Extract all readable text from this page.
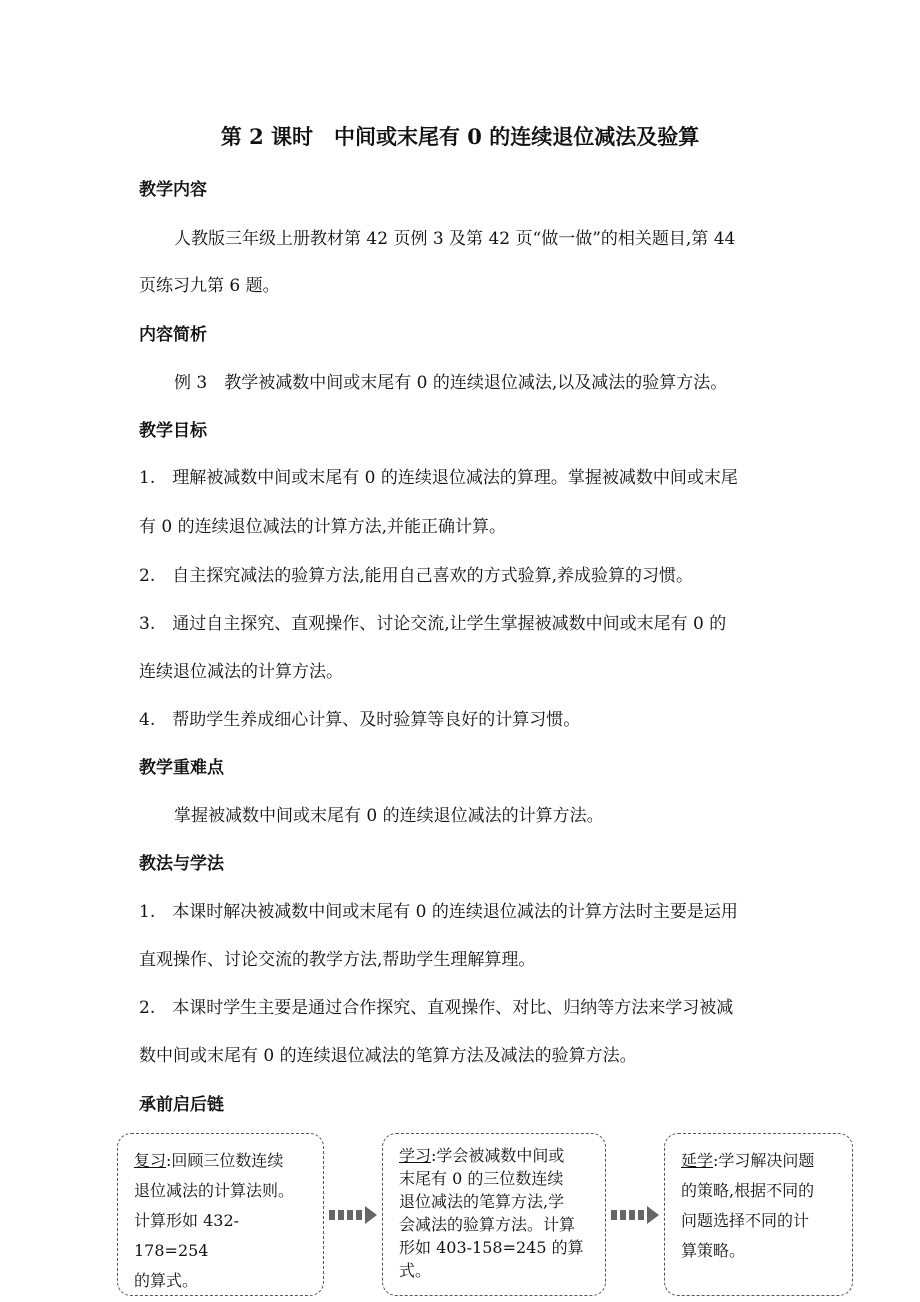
第 2 课时　中间或末尾有 0 的连续退位减法及验算
教学内容
人教版三年级上册教材第 42 页例 3 及第 42 页“做一做”的相关题目,第 44
页练习九第 6 题。
内容简析
例 3　教学被减数中间或末尾有 0 的连续退位减法,以及减法的验算方法。
教学目标
1.　理解被减数中间或末尾有 0 的连续退位减法的算理。掌握被减数中间或末尾
有 0 的连续退位减法的计算方法,并能正确计算。
2.　自主探究减法的验算方法,能用自己喜欢的方式验算,养成验算的习惯。
3.　通过自主探究、直观操作、讨论交流,让学生掌握被减数中间或末尾有 0 的
连续退位减法的计算方法。
4.　帮助学生养成细心计算、及时验算等良好的计算习惯。
教学重难点
掌握被减数中间或末尾有 0 的连续退位减法的计算方法。
教法与学法
1.　本课时解决被减数中间或末尾有 0 的连续退位减法的计算方法时主要是运用
直观操作、讨论交流的教学方法,帮助学生理解算理。
2.　本课时学生主要是通过合作探究、直观操作、对比、归纳等方法来学习被减
数中间或末尾有 0 的连续退位减法的笔算方法及减法的验算方法。
承前启后链
复习:回顾三位数连续
退位减法的计算法则。
计算形如 432-178=254
的算式。
学习:学会被减数中间或
末尾有 0 的三位数连续
退位减法的笔算方法,学
会减法的验算方法。计算
形如 403-158=245 的算
式。
延学:学习解决问题
的策略,根据不同的
问题选择不同的计
算策略。
